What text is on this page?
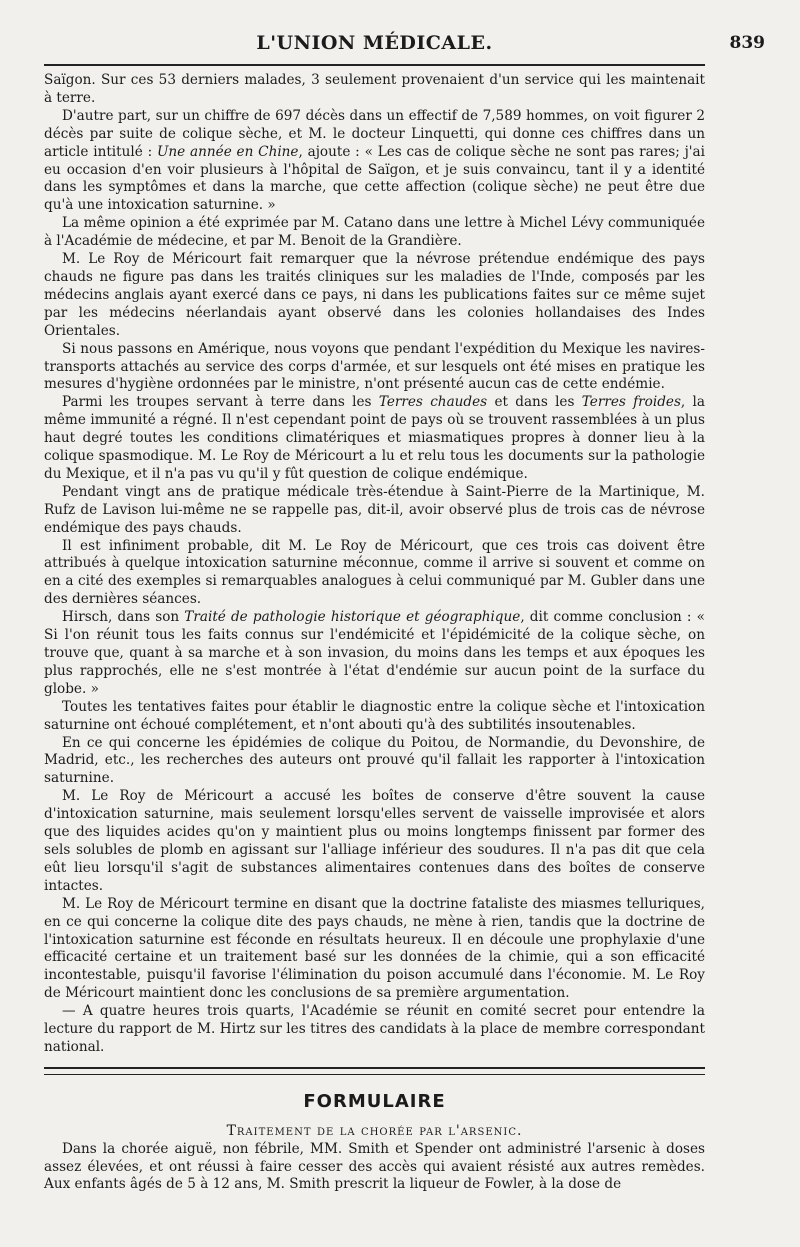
L'UNION MÉDICALE.	839

Saïgon. Sur ces 53 derniers malades, 3 seulement provenaient d'un service qui les maintenait à terre.

D'autre part, sur un chiffre de 697 décès dans un effectif de 7,589 hommes, on voit figurer 2 décès par suite de colique sèche, et M. le docteur Linquetti, qui donne ces chiffres dans un article intitulé : Une année en Chine, ajoute : « Les cas de colique sèche ne sont pas rares; j'ai eu occasion d'en voir plusieurs à l'hôpital de Saïgon, et je suis convaincu, tant il y a identité dans les symptômes et dans la marche, que cette affection (colique sèche) ne peut être due qu'à une intoxication saturnine. »

La même opinion a été exprimée par M. Catano dans une lettre à Michel Lévy communiquée à l'Académie de médecine, et par M. Benoit de la Grandière.

M. Le Roy de Méricourt fait remarquer que la névrose prétendue endémique des pays chauds ne figure pas dans les traités cliniques sur les maladies de l'Inde, composés par les médecins anglais ayant exercé dans ce pays, ni dans les publications faites sur ce même sujet par les médecins néerlandais ayant observé dans les colonies hollandaises des Indes Orientales.

Si nous passons en Amérique, nous voyons que pendant l'expédition du Mexique les navires-transports attachés au service des corps d'armée, et sur lesquels ont été mises en pratique les mesures d'hygiène ordonnées par le ministre, n'ont présenté aucun cas de cette endémie.

Parmi les troupes servant à terre dans les Terres chaudes et dans les Terres froides, la même immunité a régné. Il n'est cependant point de pays où se trouvent rassemblées à un plus haut degré toutes les conditions climatériques et miasmatiques propres à donner lieu à la colique spasmodique. M. Le Roy de Méricourt a lu et relu tous les documents sur la pathologie du Mexique, et il n'a pas vu qu'il y fût question de colique endémique.

Pendant vingt ans de pratique médicale très-étendue à Saint-Pierre de la Martinique, M. Rufz de Lavison lui-même ne se rappelle pas, dit-il, avoir observé plus de trois cas de névrose endémique des pays chauds.

Il est infiniment probable, dit M. Le Roy de Méricourt, que ces trois cas doivent être attribués à quelque intoxication saturnine méconnue, comme il arrive si souvent et comme on en a cité des exemples si remarquables analogues à celui communiqué par M. Gubler dans une des dernières séances.

Hirsch, dans son Traité de pathologie historique et géographique, dit comme conclusion : « Si l'on réunit tous les faits connus sur l'endémicité et l'épidémicité de la colique sèche, on trouve que, quant à sa marche et à son invasion, du moins dans les temps et aux époques les plus rapprochés, elle ne s'est montrée à l'état d'endémie sur aucun point de la surface du globe. »

Toutes les tentatives faites pour établir le diagnostic entre la colique sèche et l'intoxication saturnine ont échoué complétement, et n'ont abouti qu'à des subtilités insoutenables.

En ce qui concerne les épidémies de colique du Poitou, de Normandie, du Devonshire, de Madrid, etc., les recherches des auteurs ont prouvé qu'il fallait les rapporter à l'intoxication saturnine.

M. Le Roy de Méricourt a accusé les boîtes de conserve d'être souvent la cause d'intoxication saturnine, mais seulement lorsqu'elles servent de vaisselle improvisée et alors que des liquides acides qu'on y maintient plus ou moins longtemps finissent par former des sels solubles de plomb en agissant sur l'alliage inférieur des soudures. Il n'a pas dit que cela eût lieu lorsqu'il s'agit de substances alimentaires contenues dans des boîtes de conserve intactes.

M. Le Roy de Méricourt termine en disant que la doctrine fataliste des miasmes telluriques, en ce qui concerne la colique dite des pays chauds, ne mène à rien, tandis que la doctrine de l'intoxication saturnine est féconde en résultats heureux. Il en découle une prophylaxie d'une efficacité certaine et un traitement basé sur les données de la chimie, qui a son efficacité incontestable, puisqu'il favorise l'élimination du poison accumulé dans l'économie. M. Le Roy de Méricourt maintient donc les conclusions de sa première argumentation.

— A quatre heures trois quarts, l'Académie se réunit en comité secret pour entendre la lecture du rapport de M. Hirtz sur les titres des candidats à la place de membre correspondant national.

FORMULAIRE
Traitement de la chorée par l'arsenic.

Dans la chorée aiguë, non fébrile, MM. Smith et Spender ont administré l'arsenic à doses assez élevées, et ont réussi à faire cesser des accès qui avaient résisté aux autres remèdes. Aux enfants âgés de 5 à 12 ans, M. Smith prescrit la liqueur de Fowler, à la dose de
